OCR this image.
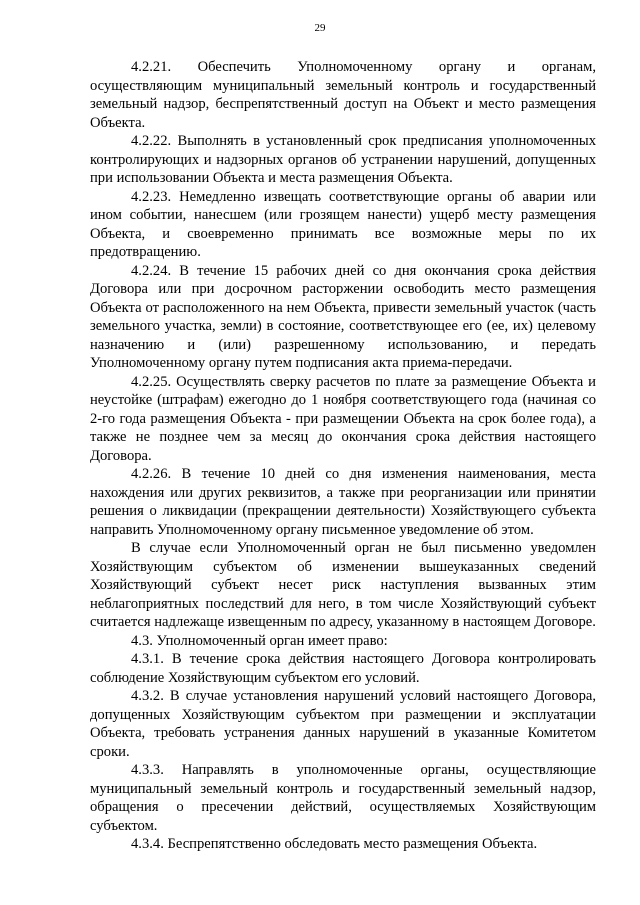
29

4.2.21. Обеспечить Уполномоченному органу и органам, осуществляющим муниципальный земельный контроль и государственный земельный надзор, беспрепятственный доступ на Объект и место размещения Объекта.

4.2.22. Выполнять в установленный срок предписания уполномоченных контролирующих и надзорных органов об устранении нарушений, допущенных при использовании Объекта и места размещения Объекта.

4.2.23. Немедленно извещать соответствующие органы об аварии или ином событии, нанесшем (или грозящем нанести) ущерб месту размещения Объекта, и своевременно принимать все возможные меры по их предотвращению.

4.2.24. В течение 15 рабочих дней со дня окончания срока действия Договора или при досрочном расторжении освободить место размещения Объекта от расположенного на нем Объекта, привести земельный участок (часть земельного участка, земли) в состояние, соответствующее его (ее, их) целевому назначению и (или) разрешенному использованию, и передать Уполномоченному органу путем подписания акта приема-передачи.

4.2.25. Осуществлять сверку расчетов по плате за размещение Объекта и неустойке (штрафам) ежегодно до 1 ноября соответствующего года (начиная со 2-го года размещения Объекта - при размещении Объекта на срок более года), а также не позднее чем за месяц до окончания срока действия настоящего Договора.

4.2.26. В течение 10 дней со дня изменения наименования, места нахождения или других реквизитов, а также при реорганизации или принятии решения о ликвидации (прекращении деятельности) Хозяйствующего субъекта направить Уполномоченному органу письменное уведомление об этом.

В случае если Уполномоченный орган не был письменно уведомлен Хозяйствующим субъектом об изменении вышеуказанных сведений Хозяйствующий субъект несет риск наступления вызванных этим неблагоприятных последствий для него, в том числе Хозяйствующий субъект считается надлежаще извещенным по адресу, указанному в настоящем Договоре.

4.3. Уполномоченный орган имеет право:

4.3.1. В течение срока действия настоящего Договора контролировать соблюдение Хозяйствующим субъектом его условий.

4.3.2. В случае установления нарушений условий настоящего Договора, допущенных Хозяйствующим субъектом при размещении и эксплуатации Объекта, требовать устранения данных нарушений в указанные Комитетом сроки.

4.3.3. Направлять в уполномоченные органы, осуществляющие муниципальный земельный контроль и государственный земельный надзор, обращения о пресечении действий, осуществляемых Хозяйствующим субъектом.

4.3.4. Беспрепятственно обследовать место размещения Объекта.
